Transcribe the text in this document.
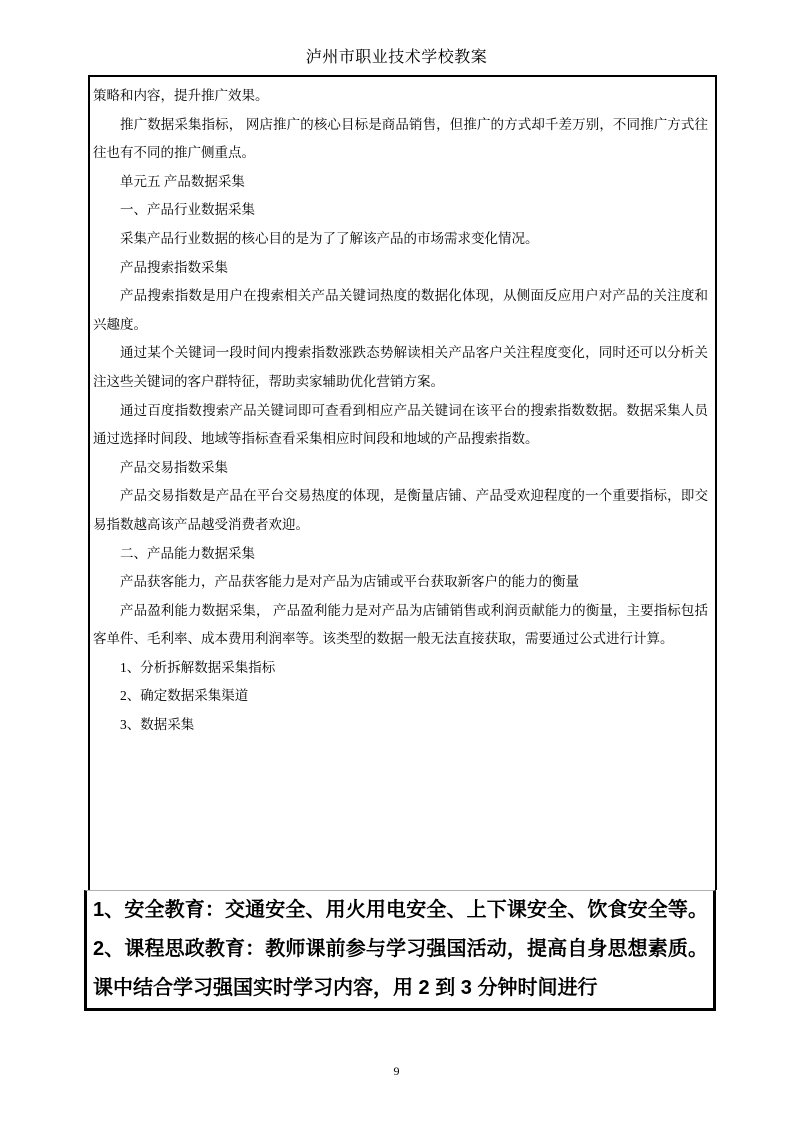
泸州市职业技术学校教案

策略和内容，提升推广效果。

推广数据采集指标， 网店推广的核心目标是商品销售，但推广的方式却千差万别，不同推广方式往往也有不同的推广侧重点。

单元五 产品数据采集

一、产品行业数据采集

采集产品行业数据的核心目的是为了了解该产品的市场需求变化情况。

产品搜索指数采集

产品搜索指数是用户在搜索相关产品关键词热度的数据化体现，从侧面反应用户对产品的关注度和兴趣度。

通过某个关键词一段时间内搜索指数涨跌态势解读相关产品客户关注程度变化，同时还可以分析关注这些关键词的客户群特征，帮助卖家辅助优化营销方案。

通过百度指数搜索产品关键词即可查看到相应产品关键词在该平台的搜索指数数据。数据采集人员通过选择时间段、地域等指标查看采集相应时间段和地域的产品搜索指数。

产品交易指数采集

产品交易指数是产品在平台交易热度的体现，是衡量店铺、产品受欢迎程度的一个重要指标，即交易指数越高该产品越受消费者欢迎。

二、产品能力数据采集

产品获客能力，产品获客能力是对产品为店铺或平台获取新客户的能力的衡量

产品盈利能力数据采集， 产品盈利能力是对产品为店铺销售或利润贡献能力的衡量，主要指标包括客单件、毛利率、成本费用利润率等。该类型的数据一般无法直接获取，需要通过公式进行计算。

1、分析拆解数据采集指标

2、确定数据采集渠道

3、数据采集

1、安全教育：交通安全、用火用电安全、上下课安全、饮食安全等。2、课程思政教育：教师课前参与学习强国活动，提高自身思想素质。课中结合学习强国实时学习内容，用 2 到 3 分钟时间进行

9
